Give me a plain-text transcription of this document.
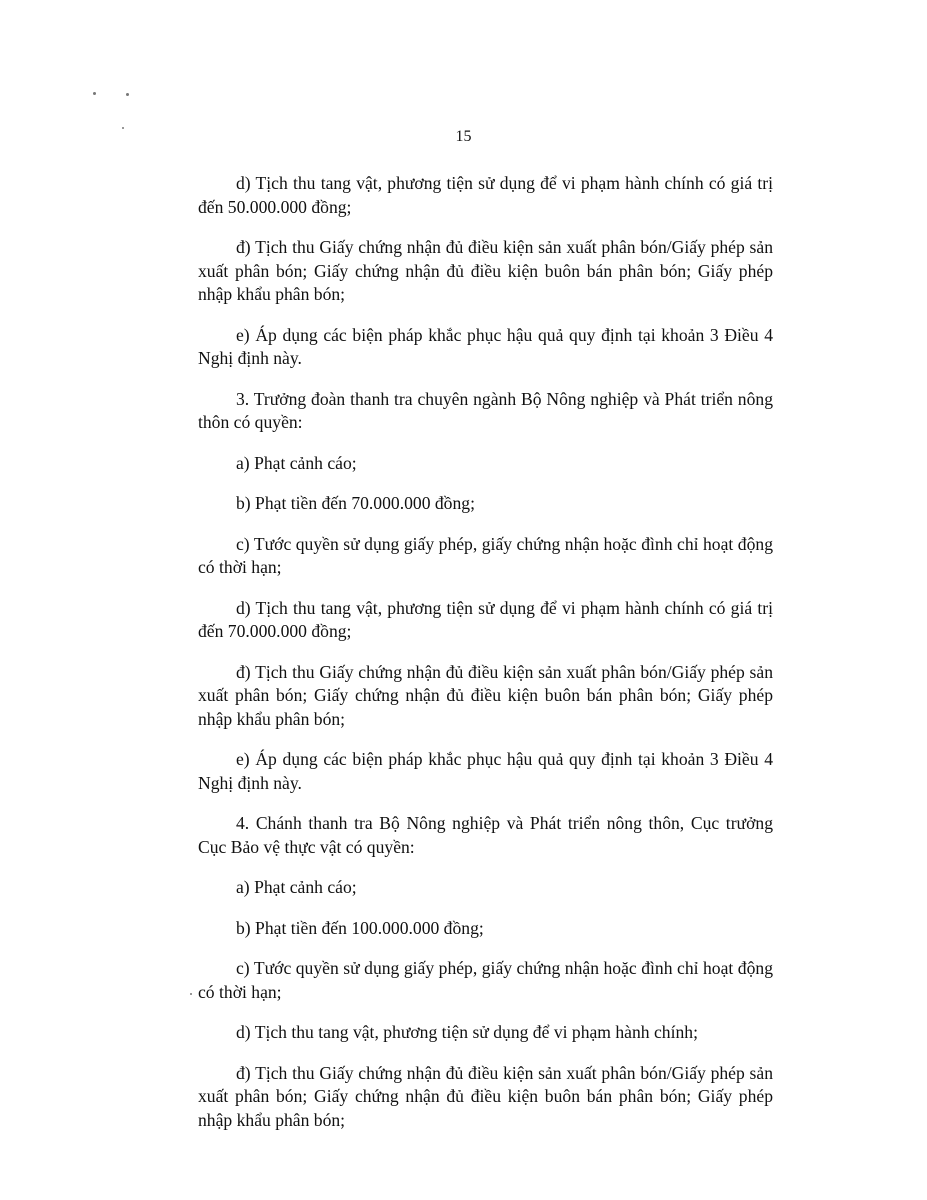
15

d) Tịch thu tang vật, phương tiện sử dụng để vi phạm hành chính có giá trị đến 50.000.000 đồng;

đ) Tịch thu Giấy chứng nhận đủ điều kiện sản xuất phân bón/Giấy phép sản xuất phân bón; Giấy chứng nhận đủ điều kiện buôn bán phân bón; Giấy phép nhập khẩu phân bón;

e) Áp dụng các biện pháp khắc phục hậu quả quy định tại khoản 3 Điều 4 Nghị định này.

3. Trưởng đoàn thanh tra chuyên ngành Bộ Nông nghiệp và Phát triển nông thôn có quyền:

a) Phạt cảnh cáo;

b) Phạt tiền đến 70.000.000 đồng;

c) Tước quyền sử dụng giấy phép, giấy chứng nhận hoặc đình chỉ hoạt động có thời hạn;

d) Tịch thu tang vật, phương tiện sử dụng để vi phạm hành chính có giá trị đến 70.000.000 đồng;

đ) Tịch thu Giấy chứng nhận đủ điều kiện sản xuất phân bón/Giấy phép sản xuất phân bón; Giấy chứng nhận đủ điều kiện buôn bán phân bón; Giấy phép nhập khẩu phân bón;

e) Áp dụng các biện pháp khắc phục hậu quả quy định tại khoản 3 Điều 4 Nghị định này.

4. Chánh thanh tra Bộ Nông nghiệp và Phát triển nông thôn, Cục trưởng Cục Bảo vệ thực vật có quyền:

a) Phạt cảnh cáo;

b) Phạt tiền đến 100.000.000 đồng;

c) Tước quyền sử dụng giấy phép, giấy chứng nhận hoặc đình chỉ hoạt động có thời hạn;

d) Tịch thu tang vật, phương tiện sử dụng để vi phạm hành chính;

đ) Tịch thu Giấy chứng nhận đủ điều kiện sản xuất phân bón/Giấy phép sản xuất phân bón; Giấy chứng nhận đủ điều kiện buôn bán phân bón; Giấy phép nhập khẩu phân bón;
